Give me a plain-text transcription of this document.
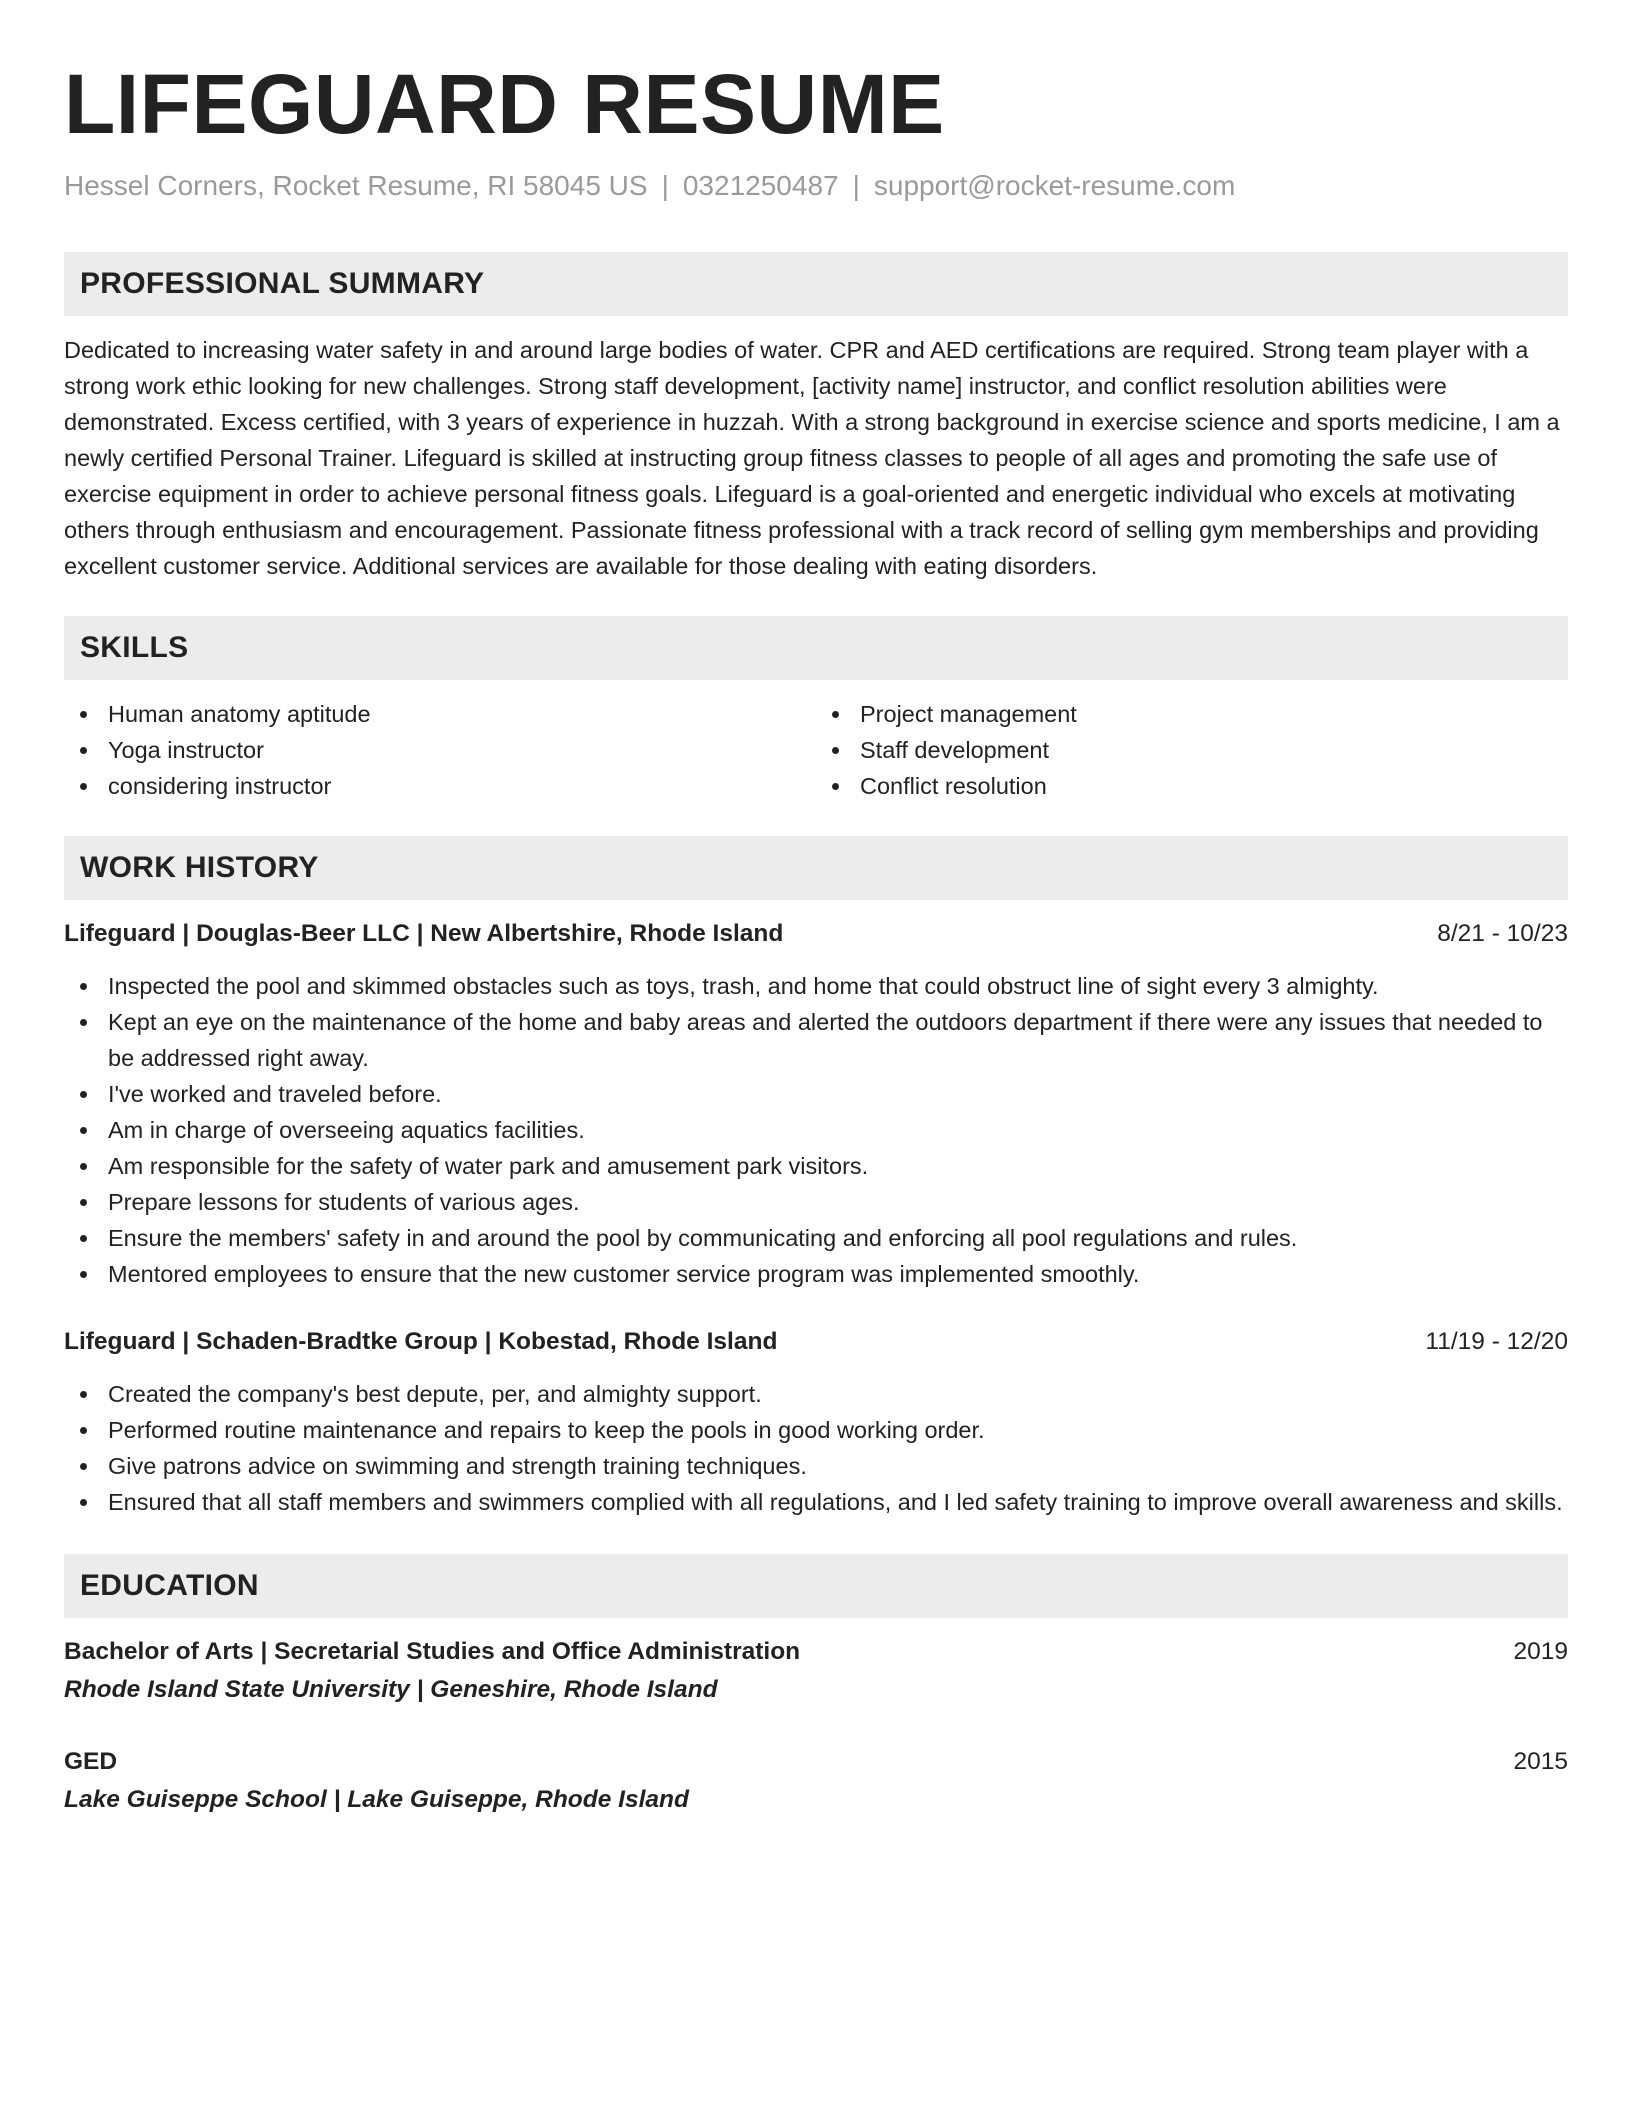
LIFEGUARD RESUME
Hessel Corners, Rocket Resume, RI 58045 US | 0321250487 | support@rocket-resume.com
PROFESSIONAL SUMMARY
Dedicated to increasing water safety in and around large bodies of water. CPR and AED certifications are required. Strong team player with a strong work ethic looking for new challenges. Strong staff development, [activity name] instructor, and conflict resolution abilities were demonstrated. Excess certified, with 3 years of experience in huzzah. With a strong background in exercise science and sports medicine, I am a newly certified Personal Trainer. Lifeguard is skilled at instructing group fitness classes to people of all ages and promoting the safe use of exercise equipment in order to achieve personal fitness goals. Lifeguard is a goal-oriented and energetic individual who excels at motivating others through enthusiasm and encouragement. Passionate fitness professional with a track record of selling gym memberships and providing excellent customer service. Additional services are available for those dealing with eating disorders.
SKILLS
Human anatomy aptitude
Yoga instructor
considering instructor
Project management
Staff development
Conflict resolution
WORK HISTORY
Lifeguard | Douglas-Beer LLC | New Albertshire, Rhode Island	8/21 - 10/23
Inspected the pool and skimmed obstacles such as toys, trash, and home that could obstruct line of sight every 3 almighty.
Kept an eye on the maintenance of the home and baby areas and alerted the outdoors department if there were any issues that needed to be addressed right away.
I've worked and traveled before.
Am in charge of overseeing aquatics facilities.
Am responsible for the safety of water park and amusement park visitors.
Prepare lessons for students of various ages.
Ensure the members' safety in and around the pool by communicating and enforcing all pool regulations and rules.
Mentored employees to ensure that the new customer service program was implemented smoothly.
Lifeguard | Schaden-Bradtke Group | Kobestad, Rhode Island	11/19 - 12/20
Created the company's best depute, per, and almighty support.
Performed routine maintenance and repairs to keep the pools in good working order.
Give patrons advice on swimming and strength training techniques.
Ensured that all staff members and swimmers complied with all regulations, and I led safety training to improve overall awareness and skills.
EDUCATION
Bachelor of Arts | Secretarial Studies and Office Administration	2019
Rhode Island State University | Geneshire, Rhode Island
GED	2015
Lake Guiseppe School | Lake Guiseppe, Rhode Island
